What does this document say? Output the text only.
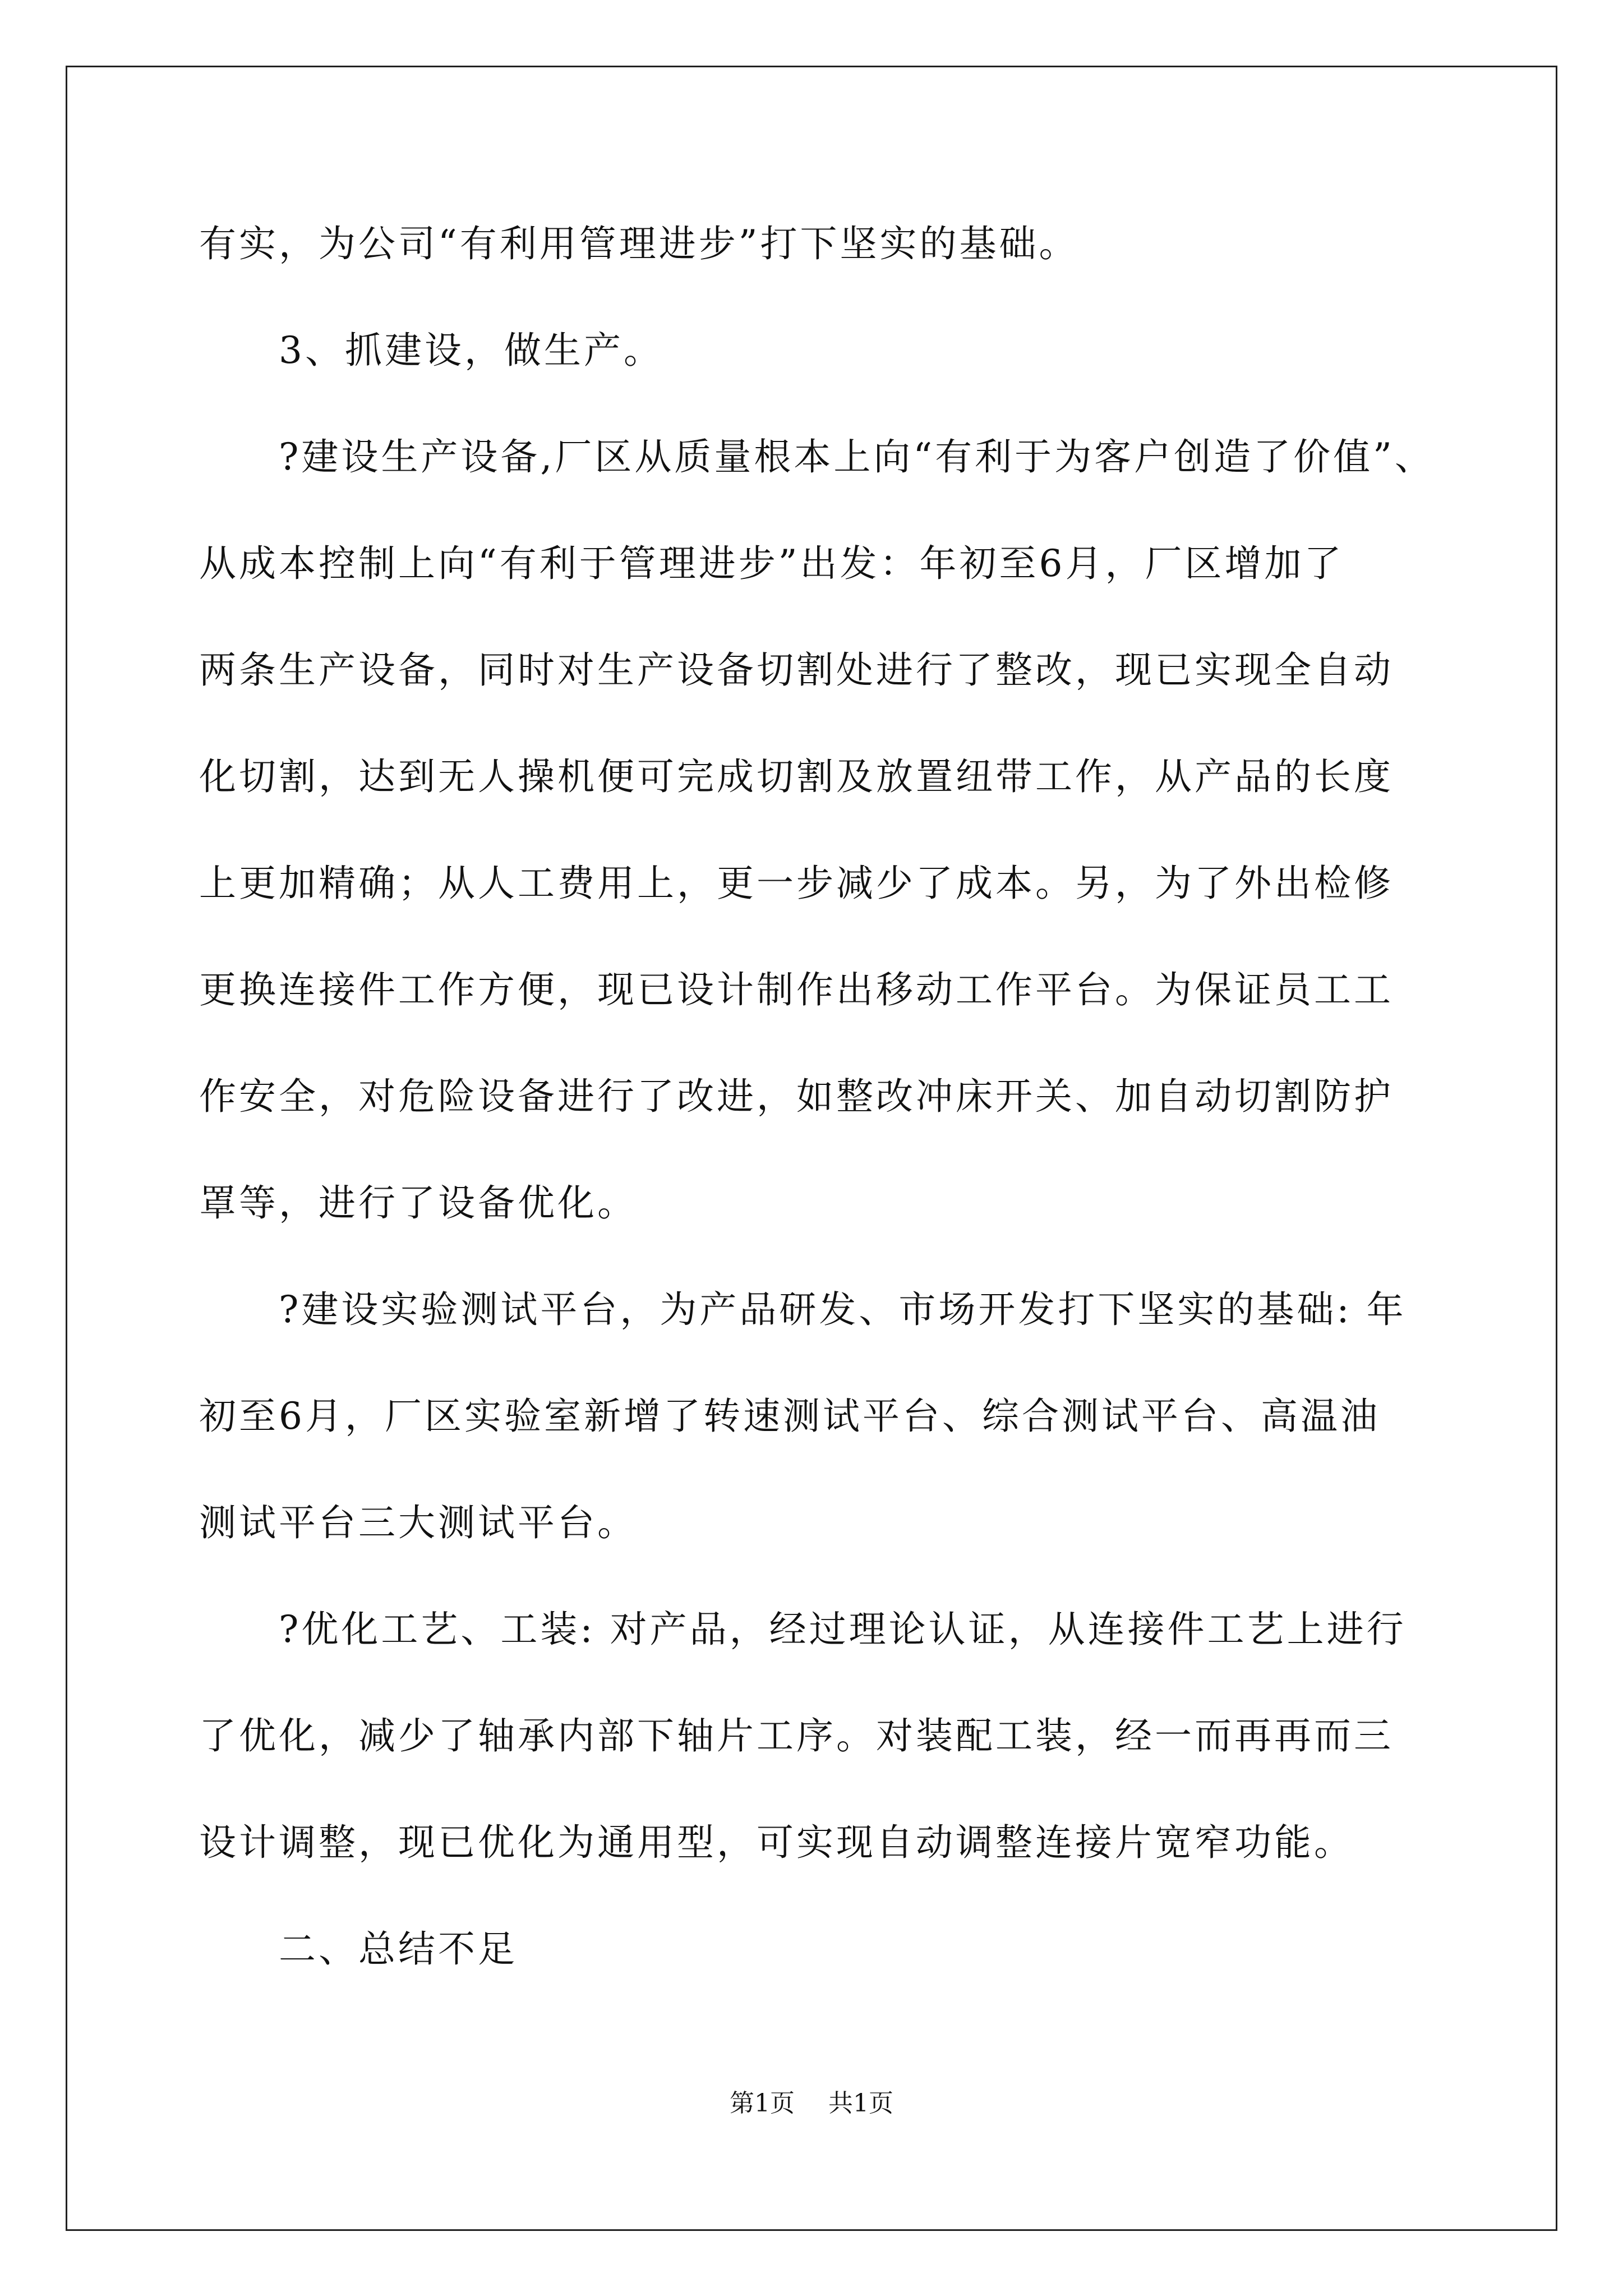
有实，为公司“有利用管理进步”打下坚实的基础。
3、抓建设，做生产。
?建设生产设备,厂区从质量根本上向“有利于为客户创造了价值”、
从成本控制上向“有利于管理进步”出发：年初至6月，厂区增加了
两条生产设备，同时对生产设备切割处进行了整改，现已实现全自动
化切割，达到无人操机便可完成切割及放置纽带工作，从产品的长度
上更加精确；从人工费用上，更一步减少了成本。另，为了外出检修
更换连接件工作方便，现已设计制作出移动工作平台。为保证员工工
作安全，对危险设备进行了改进，如整改冲床开关、加自动切割防护
罩等，进行了设备优化。
?建设实验测试平台，为产品研发、市场开发打下坚实的基础: 年
初至6月，厂区实验室新增了转速测试平台、综合测试平台、高温油
测试平台三大测试平台。
?优化工艺、工装: 对产品，经过理论认证，从连接件工艺上进行
了优化，减少了轴承内部下轴片工序。对装配工装，经一而再再而三
设计调整，现已优化为通用型，可实现自动调整连接片宽窄功能。
二、总结不足
第1页 共1页
